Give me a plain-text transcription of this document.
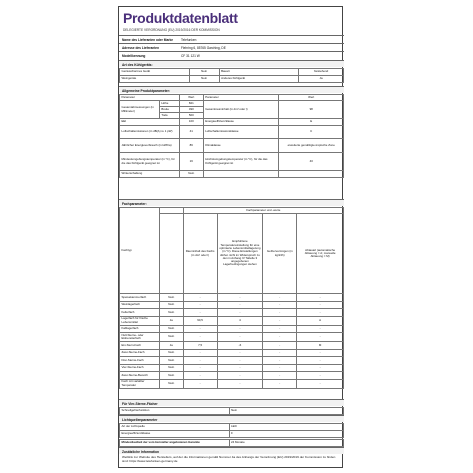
Produktdatenblatt
DELEGIERTE VERORDNUNG (EU) 2019/2016 DER KOMMISSION
Name des Lieferanten oder Marke Telefunken
Adresse des Lieferanten	Flehring 6, 85765 Garching, DE
Modellkennung	CF 31 121 W
Art des Kühlgeräts:
Geräuscharmes Gerät	Nein	Bauart	freistehend
Weingeräte	Nein	Anderes Kühlgerät	Ja
Allgemeine Produktparameter:
Parameter		Wert	Parameter	Wert
Gesamtabmessungen (in Millimeter)	Höhe	821	Gesamtrauminhalt (in dm³ oder l)	98
	Breite	490		
	Tiefe	500		
EEI		100	Energieeffizienzklasse	E
Luftschallemissionen (in dB(A) re 1 pW)		41	Luftschallemissionsklasse	C
Jährlicher Energieverbrauch (in kWh/a)		86	Klimaklasse	erweiterte gemäßigte-tropische Zone
Mindestumgebungstemperatur (in °C), für die das Kühlgerät geeignet ist		16	Höchstumgebungstemperatur (in °C), für die das Kühlgerät geeignet ist	43
Winterschaltung		Nein		
Fachparameter:
Fachtyp		Fachparameter und -werte			
		Rauminhalt des Fachs (in dm³ oder l)	Empfohlene Temperatureinstellung für eine optimierte Lebensmittellagerung (in °C). Diese Einstellungen dürfen nicht im Widerspruch zu den in Anhang IV Tabelle 3 angegebenen Lagerbedingungen stehen	Gefriervermögen (in kg/24h)	Abtauart (automatische Abtauung = A; manuelle Abtauung = M)
Speisekammerfach	Nein	-	-	-	-
Weinlagerfach	Nein	-	-	-	-
Kellerfach	Nein	-	-	-	-
Lagerfach für frische Lebensmittel	Ja	90,5	4	-	A
Kaltlagerfach	Nein	-	-	-	-
Null-Sterne- oder Eisbereiterfach	Nein	-	-	-	-
Ein-Stern-Fach	Ja	7,5	-6	-	M
Zwei-Sterne-Fach	Nein	-	-	-	-
Drei-Sterne-Fach	Nein	-	-	-	-
Vier-Sterne-Fach	Nein	-	-	-	-
Zwei-Sterne-Bereich	Nein	-	-	-	-
Fach mit variabler Temperatur	Nein	-	-	-	-
Für Vier-Sterne-Fächer
Schnellgefrierfunktion	Nein
Lichtquellenparameter
Art der Lichtquelle	LED
Energieeffizienzklasse	F
Mindestlaufzeit der vom Hersteller angebotenen Garantie	24 Monate
Zusätzliche Information
Weblink zur Website des Herstellers, auf der die Informationen gemäß Nummer 4a des Anhangs der Verordnung (EU) 2019/2019 der Kommission zu finden sind: https://www.telefunken-germany.de
